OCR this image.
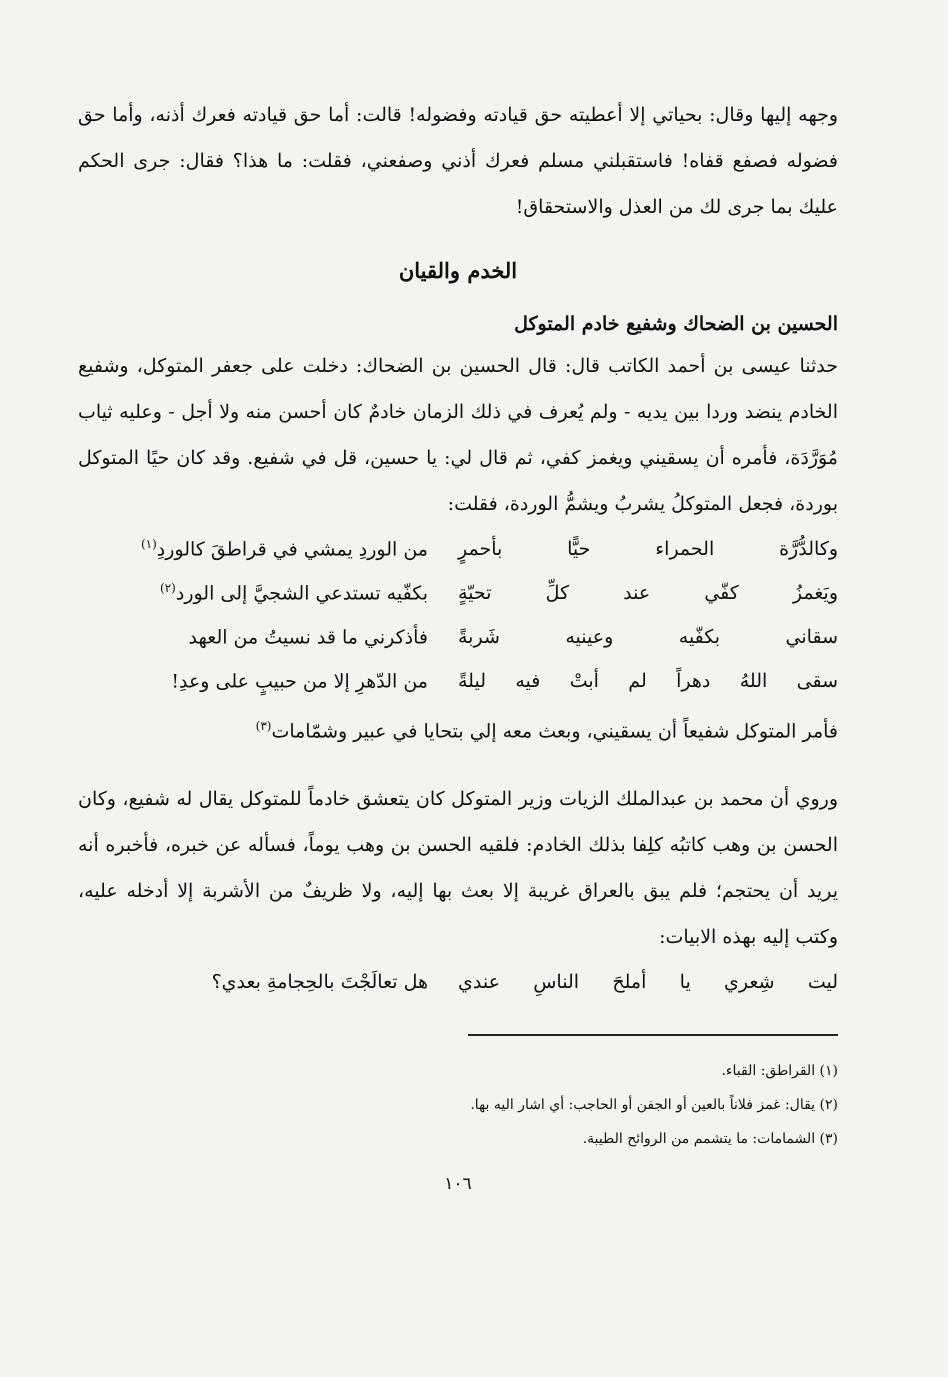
وجهه إليها وقال: بحياتي إلا أعطيته حق قيادته وفضوله! قالت: أما حق قيادته فعرك أذنه، وأما حق فضوله فصفع قفاه! فاستقبلني مسلم فعرك أذني وصفعني، فقلت: ما هذا؟ فقال: جرى الحكم عليك بما جرى لك من العذل والاستحقاق!

الخدم والقيان
الحسين بن الضحاك وشفيع خادم المتوكل

حدثنا عيسى بن أحمد الكاتب قال: قال الحسين بن الضحاك: دخلت على جعفر المتوكل، وشفيع الخادم ينضد وردا بين يديه - ولم يُعرف في ذلك الزمان خادمٌ كان أحسن منه ولا أجل - وعليه ثياب مُوَرَّدَة، فأمره أن يسقيني ويغمز كفي، ثم قال لي: يا حسين، قل في شفيع. وقد كان حيًا المتوكل بوردة، فجعل المتوكلُ يشربُ ويشمُّ الوردة، فقلت:

وكالدُّرَّة الحمراء حيًّا بأحمرٍ
من الوردِ يمشي في قراطقَ كالوردِ$^{(١)}$
ويَغمزُ كفّي عند كلِّ تحيّةٍ
بكفّيه تستدعي الشجيَّ إلى الورد$^{(٢)}$
سقاني بكفّيه وعينيه شَربةً
فأذكرني ما قد نسيتُ من العهد
سقى اللهُ دهراً لم أبتْ فيه ليلةً
من الدّهرِ إلا من حبيبٍ على وعدِ!

فأمر المتوكل شفيعاً أن يسقيني، وبعث معه إلي بتحايا في عبير وشمّامات$^{(٣)}$

وروي أن محمد بن عبدالملك الزيات وزير المتوكل كان يتعشق خادماً للمتوكل يقال له شفيع، وكان الحسن بن وهب كاتبُه كلِفا بذلك الخادم: فلقيه الحسن بن وهب يوماً، فسأله عن خبره، فأخبره أنه يريد أن يحتجم؛ فلم يبق بالعراق غريبة إلا بعث بها إليه، ولا ظريفٌ من الأشربة إلا أدخله عليه، وكتب إليه بهذه الابيات:

ليت شِعري يا أملحَ الناسِ عندي
هل تعالَجْتَ بالحِجامةِ بعدي؟

(١) القراطق: القباء.

(٢) يقال: غمز فلاناً بالعين أو الجفن أو الحاجب: أي اشار اليه بها.

(٣) الشمامات: ما يتشمم من الروائح الطيبة.

١٠٦
